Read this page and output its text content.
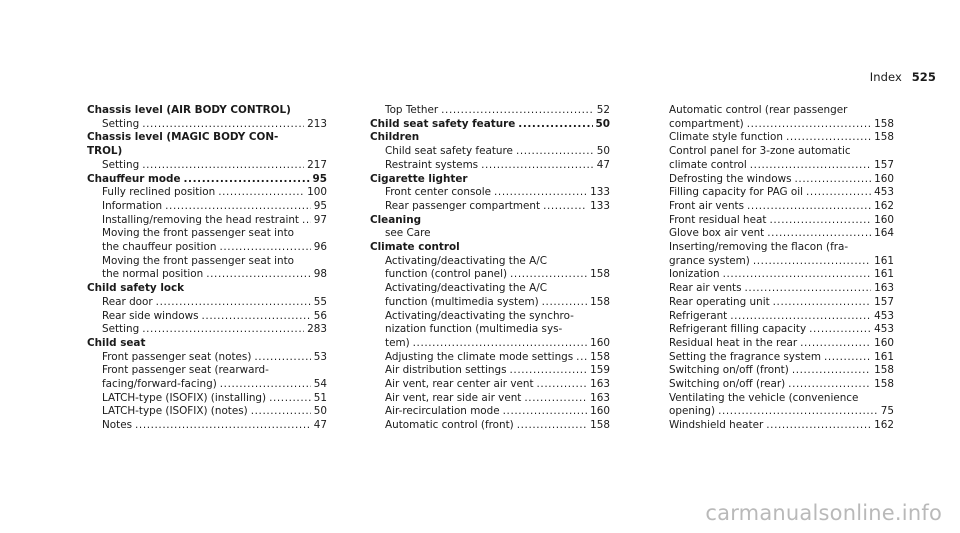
Index 525
Chassis level (AIR BODY CONTROL)
Setting .....	213
Chassis level (MAGIC BODY CON-
TROL)
Setting .....	217
Chauffeur mode .....	95
Fully reclined position .....	100
Information .....	95
Installing/removing the head restraint ..... 97
Moving the front passenger seat into
the chauffeur position .....	96
Moving the front passenger seat into
the normal position .....	98
Child safety lock
Rear door .....	55
Rear side windows .....	56
Setting .....	283
Child seat
Front passenger seat (notes) .....	53
Front passenger seat (rearward-
facing/forward-facing) .....	54
LATCH-type (ISOFIX) (installing) .....	51
LATCH-type (ISOFIX) (notes) .....	50
Notes .....	47
Top Tether .....	52
Child seat safety feature .....	50
Children
Child seat safety feature .....	50
Restraint systems .....	47
Cigarette lighter
Front center console .....	133
Rear passenger compartment .....	133
Cleaning
see Care
Climate control
Activating/deactivating the A/C
function (control panel) .....	158
Activating/deactivating the A/C
function (multimedia system) .....	158
Activating/deactivating the synchro-
nization function (multimedia sys-
tem) .....	160
Adjusting the climate mode settings ..... 158
Air distribution settings .....	159
Air vent, rear center air vent .....	163
Air vent, rear side air vent .....	163
Air-recirculation mode .....	160
Automatic control (front) .....	158
Automatic control (rear passenger
compartment) .....	158
Climate style function .....	158
Control panel for 3-zone automatic
climate control .....	157
Defrosting the windows .....	160
Filling capacity for PAG oil .....	453
Front air vents .....	162
Front residual heat .....	160
Glove box air vent .....	164
Inserting/removing the flacon (fra-
grance system) .....	161
Ionization .....	161
Rear air vents .....	163
Rear operating unit .....	157
Refrigerant .....	453
Refrigerant filling capacity .....	453
Residual heat in the rear .....	160
Setting the fragrance system .....	161
Switching on/off (front) .....	158
Switching on/off (rear) .....	158
Ventilating the vehicle (convenience
opening) .....	75
Windshield heater .....	162
carmanualsonline.info
